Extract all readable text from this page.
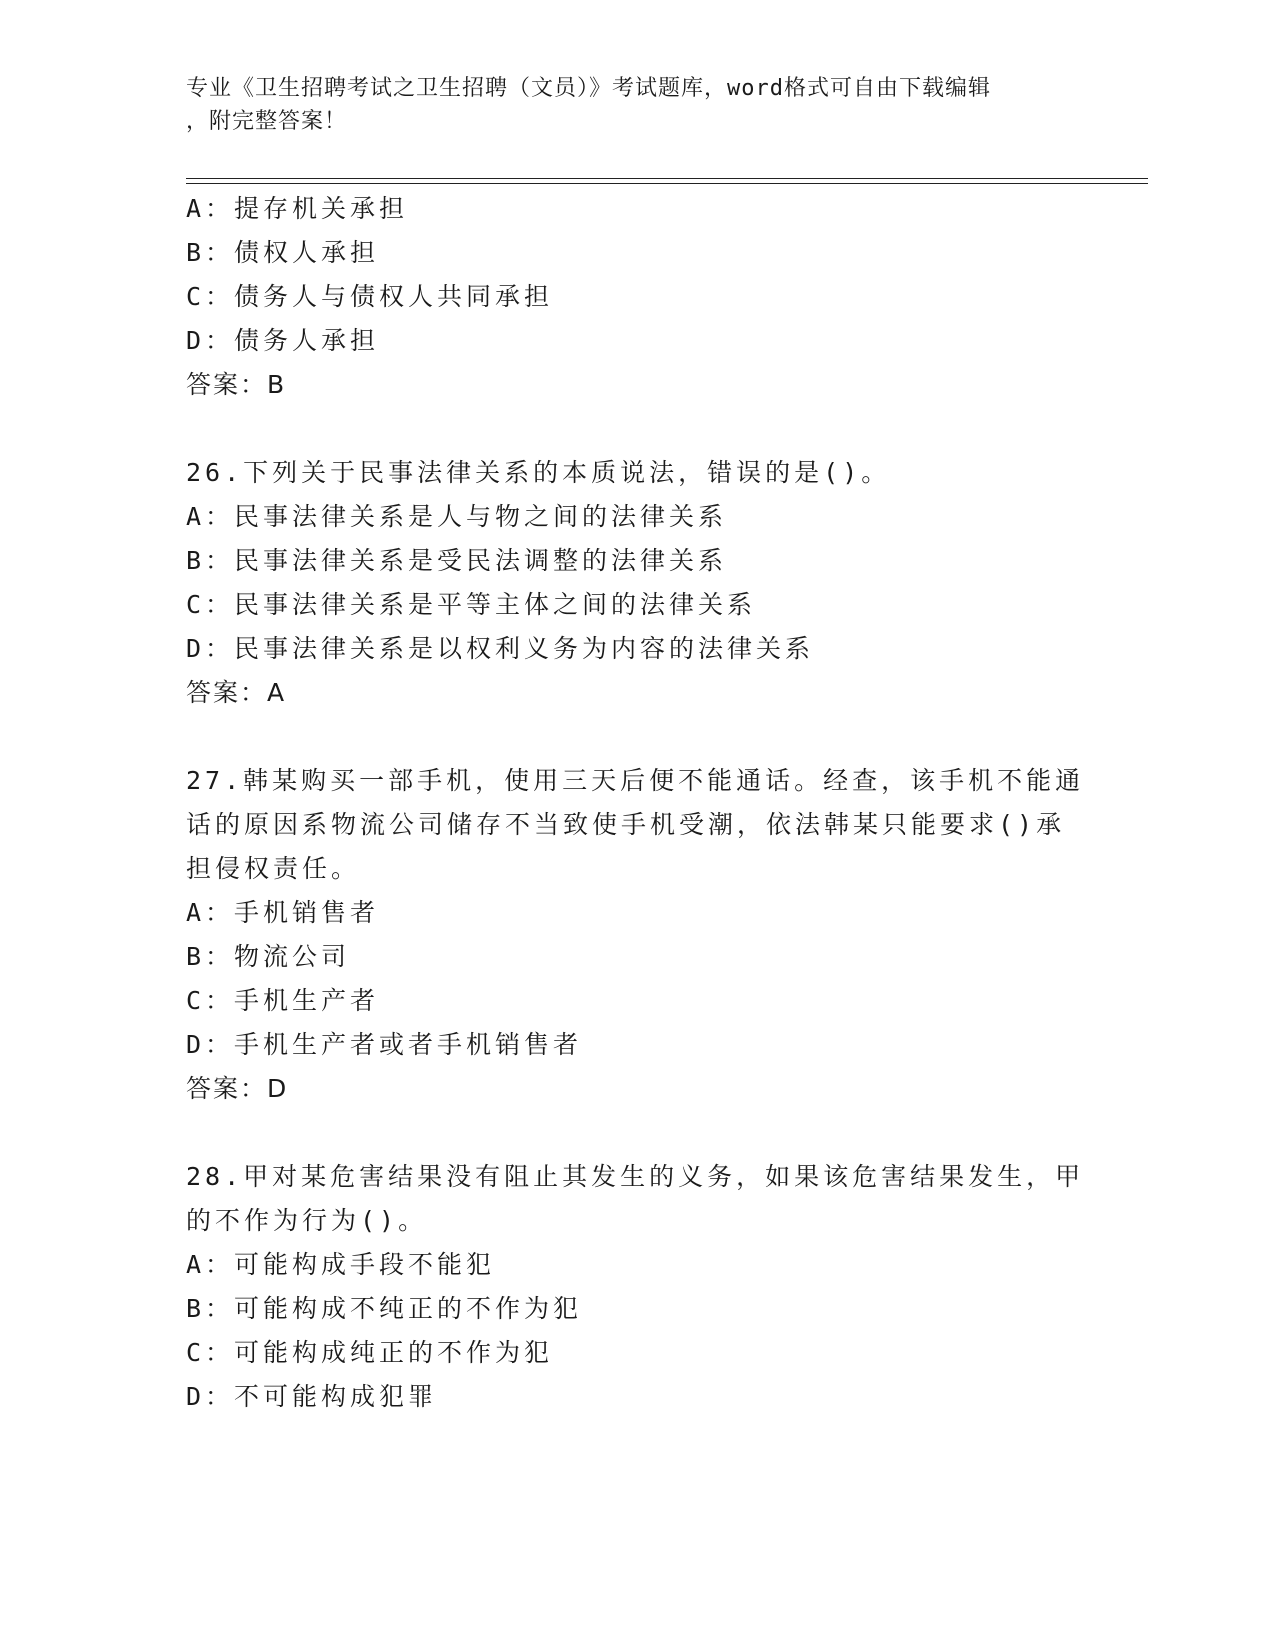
专业《卫生招聘考试之卫生招聘（文员）》考试题库，word格式可自由下载编辑
，附完整答案！
A：提存机关承担
B：债权人承担
C：债务人与债权人共同承担
D：债务人承担
答案：B
26.下列关于民事法律关系的本质说法，错误的是()。
A：民事法律关系是人与物之间的法律关系
B：民事法律关系是受民法调整的法律关系
C：民事法律关系是平等主体之间的法律关系
D：民事法律关系是以权利义务为内容的法律关系
答案：A
27.韩某购买一部手机，使用三天后便不能通话。经查，该手机不能通
话的原因系物流公司储存不当致使手机受潮，依法韩某只能要求()承
担侵权责任。
A：手机销售者
B：物流公司
C：手机生产者
D：手机生产者或者手机销售者
答案：D
28.甲对某危害结果没有阻止其发生的义务，如果该危害结果发生，甲
的不作为行为()。
A：可能构成手段不能犯
B：可能构成不纯正的不作为犯
C：可能构成纯正的不作为犯
D：不可能构成犯罪
